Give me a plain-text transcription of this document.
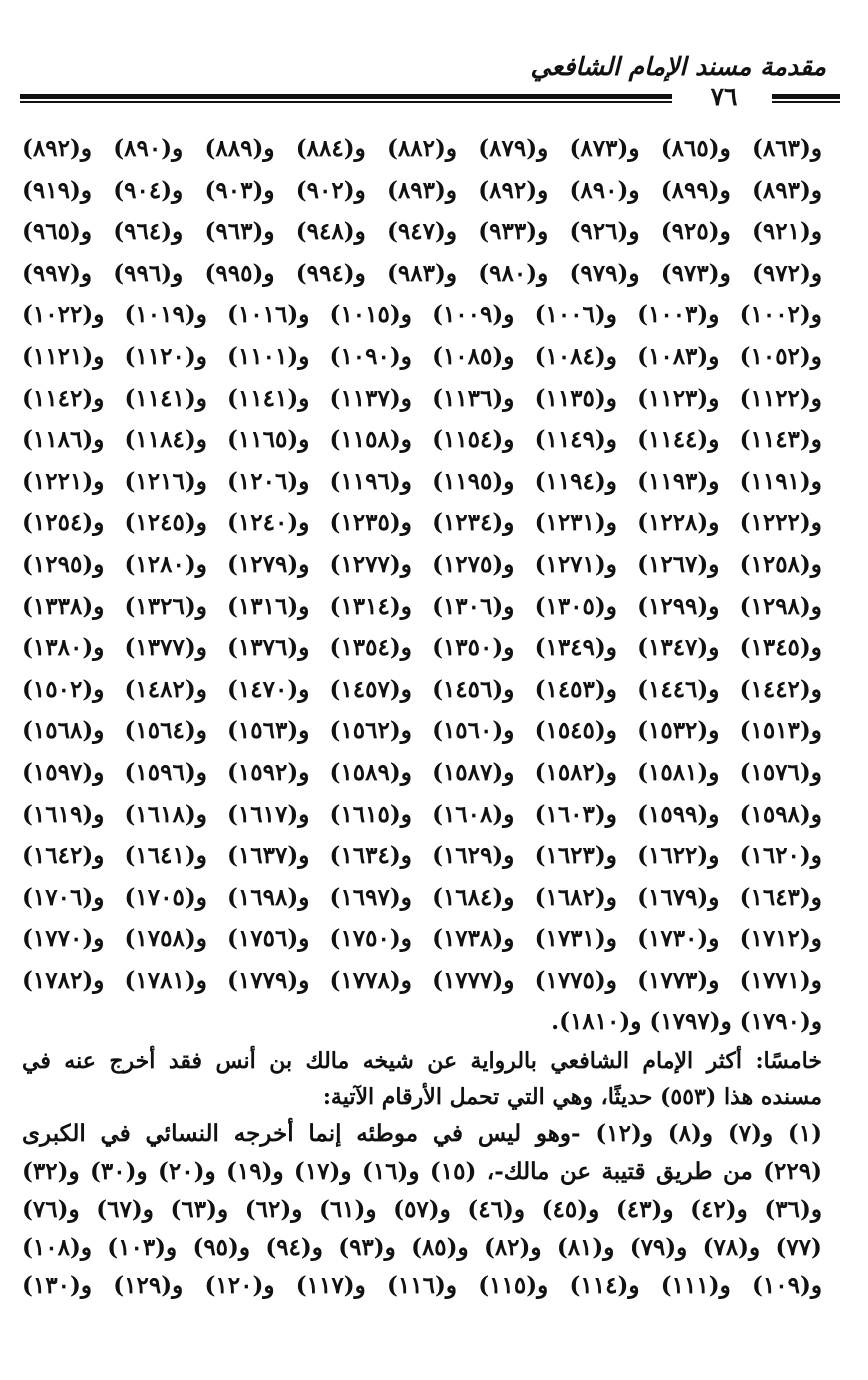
مقدمة مسند الإمام الشافعي
٧٦
و(٨٦٣) و(٨٦٥) و(٨٧٣) و(٨٧٩) و(٨٨٢) و(٨٨٤) و(٨٨٩) و(٨٩٠) و(٨٩٢)
و(٨٩٣) و(٨٩٩) و(٨٩٠) و(٨٩٢) و(٨٩٣) و(٩٠٢) و(٩٠٣) و(٩٠٤) و(٩١٩)
و(٩٢١) و(٩٢٥) و(٩٢٦) و(٩٣٣) و(٩٤٧) و(٩٤٨) و(٩٦٣) و(٩٦٤) و(٩٦٥)
و(٩٧٢) و(٩٧٣) و(٩٧٩) و(٩٨٠) و(٩٨٣) و(٩٩٤) و(٩٩٥) و(٩٩٦) و(٩٩٧)
و(١٠٠٢) و(١٠٠٣) و(١٠٠٦) و(١٠٠٩) و(١٠١٥) و(١٠١٦) و(١٠١٩) و(١٠٢٢)
و(١٠٥٢) و(١٠٨٣) و(١٠٨٤) و(١٠٨٥) و(١٠٩٠) و(١١٠١) و(١١٢٠) و(١١٢١)
و(١١٢٢) و(١١٢٣) و(١١٣٥) و(١١٣٦) و(١١٣٧) و(١١٤١) و(١١٤١) و(١١٤٢)
و(١١٤٣) و(١١٤٤) و(١١٤٩) و(١١٥٤) و(١١٥٨) و(١١٦٥) و(١١٨٤) و(١١٨٦)
و(١١٩١) و(١١٩٣) و(١١٩٤) و(١١٩٥) و(١١٩٦) و(١٢٠٦) و(١٢١٦) و(١٢٢١)
و(١٢٢٢) و(١٢٢٨) و(١٢٣١) و(١٢٣٤) و(١٢٣٥) و(١٢٤٠) و(١٢٤٥) و(١٢٥٤)
و(١٢٥٨) و(١٢٦٧) و(١٢٧١) و(١٢٧٥) و(١٢٧٧) و(١٢٧٩) و(١٢٨٠) و(١٢٩٥)
و(١٢٩٨) و(١٢٩٩) و(١٣٠٥) و(١٣٠٦) و(١٣١٤) و(١٣١٦) و(١٣٢٦) و(١٣٣٨)
و(١٣٤٥) و(١٣٤٧) و(١٣٤٩) و(١٣٥٠) و(١٣٥٤) و(١٣٧٦) و(١٣٧٧) و(١٣٨٠)
و(١٤٤٢) و(١٤٤٦) و(١٤٥٣) و(١٤٥٦) و(١٤٥٧) و(١٤٧٠) و(١٤٨٢) و(١٥٠٢)
و(١٥١٣) و(١٥٣٢) و(١٥٤٥) و(١٥٦٠) و(١٥٦٢) و(١٥٦٣) و(١٥٦٤) و(١٥٦٨)
و(١٥٧٦) و(١٥٨١) و(١٥٨٢) و(١٥٨٧) و(١٥٨٩) و(١٥٩٢) و(١٥٩٦) و(١٥٩٧)
و(١٥٩٨) و(١٥٩٩) و(١٦٠٣) و(١٦٠٨) و(١٦١٥) و(١٦١٧) و(١٦١٨) و(١٦١٩)
و(١٦٢٠) و(١٦٢٢) و(١٦٢٣) و(١٦٢٩) و(١٦٣٤) و(١٦٣٧) و(١٦٤١) و(١٦٤٢)
و(١٦٤٣) و(١٦٧٩) و(١٦٨٢) و(١٦٨٤) و(١٦٩٧) و(١٦٩٨) و(١٧٠٥) و(١٧٠٦)
و(١٧١٢) و(١٧٣٠) و(١٧٣١) و(١٧٣٨) و(١٧٥٠) و(١٧٥٦) و(١٧٥٨) و(١٧٧٠)
و(١٧٧١) و(١٧٧٣) و(١٧٧٥) و(١٧٧٧) و(١٧٧٨) و(١٧٧٩) و(١٧٨١) و(١٧٨٢)
و(١٧٩٠) و(١٧٩٧) و(١٨١٠).
خامسًا: أكثر الإمام الشافعي بالرواية عن شيخه مالك بن أنس فقد أخرج عنه في
مسنده هذا (٥٥٣) حديثًا، وهي التي تحمل الأرقام الآتية:
(١) و(٧) و(٨) و(١٢) -وهو ليس في موطئه إنما أخرجه النسائي في الكبرى
(٢٢٩) من طريق قتيبة عن مالك-، (١٥) و(١٦) و(١٧) و(١٩) و(٢٠) و(٣٠) و(٣٢)
و(٣٦) و(٤٢) و(٤٣) و(٤٥) و(٤٦) و(٥٧) و(٦١) و(٦٢) و(٦٣) و(٦٧) و(٧٦)
(٧٧) و(٧٨) و(٧٩) و(٨١) و(٨٢) و(٨٥) و(٩٣) و(٩٤) و(٩٥) و(١٠٣) و(١٠٨)
و(١٠٩) و(١١١) و(١١٤) و(١١٥) و(١١٦) و(١١٧) و(١٢٠) و(١٢٩) و(١٣٠)
